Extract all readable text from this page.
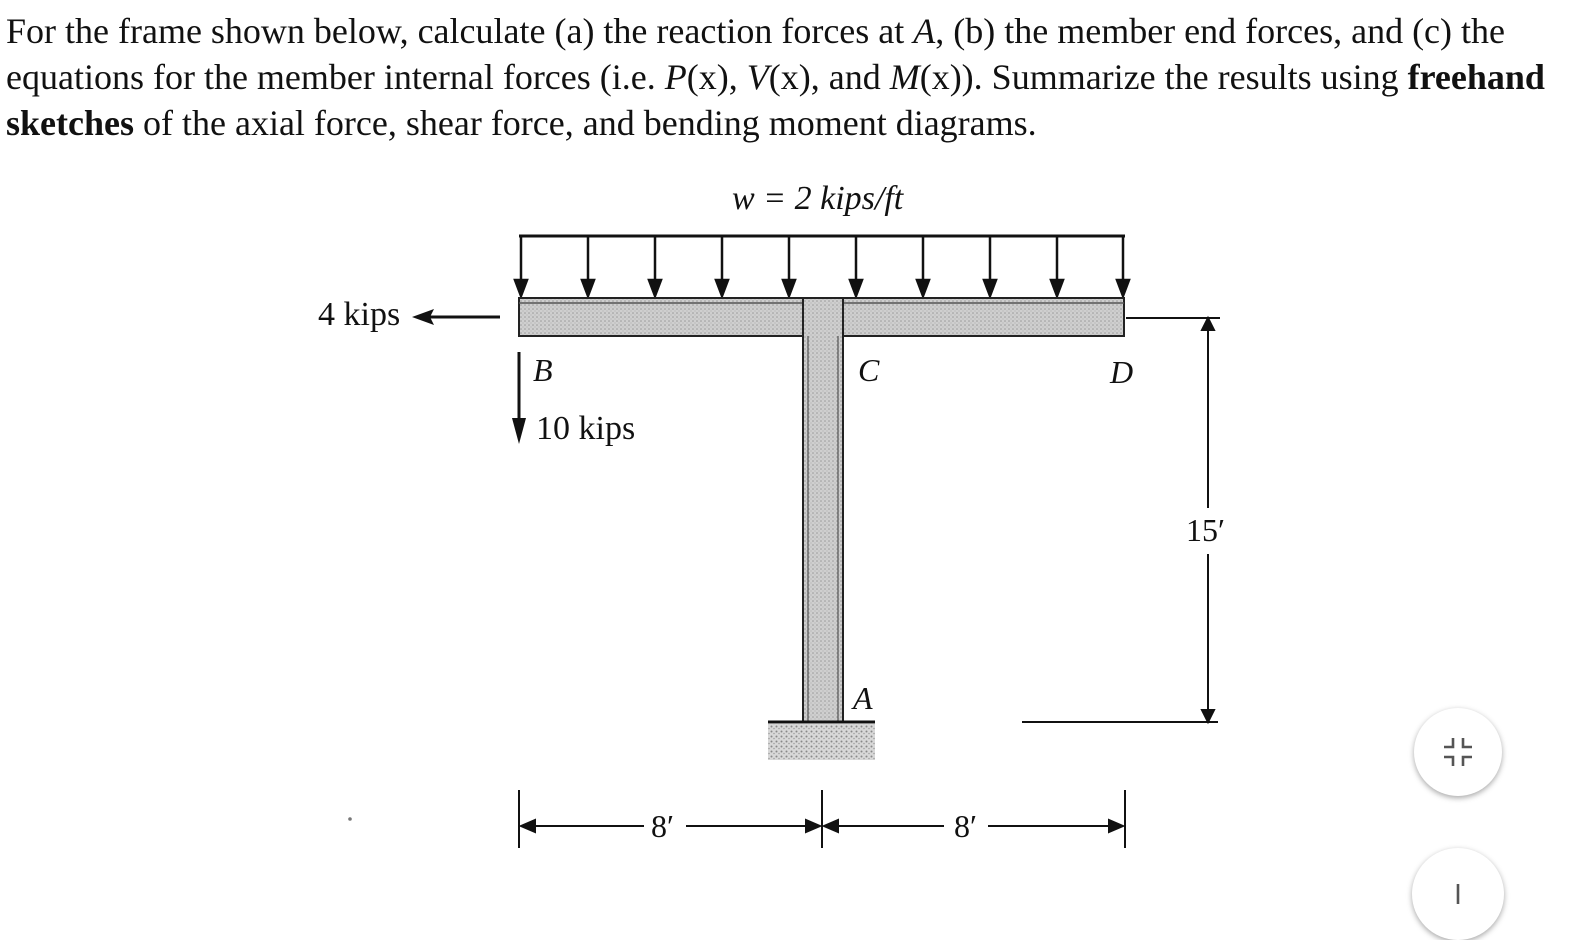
For the frame shown below, calculate (a) the reaction forces at A, (b) the member end forces, and (c) the equations for the member internal forces (i.e. P(x), V(x), and M(x)). Summarize the results using freehand sketches of the axial force, shear force, and bending moment diagrams.

w = 2 kips/ft
4 kips
10 kips
B	C	D
A
15′
8′	8′
